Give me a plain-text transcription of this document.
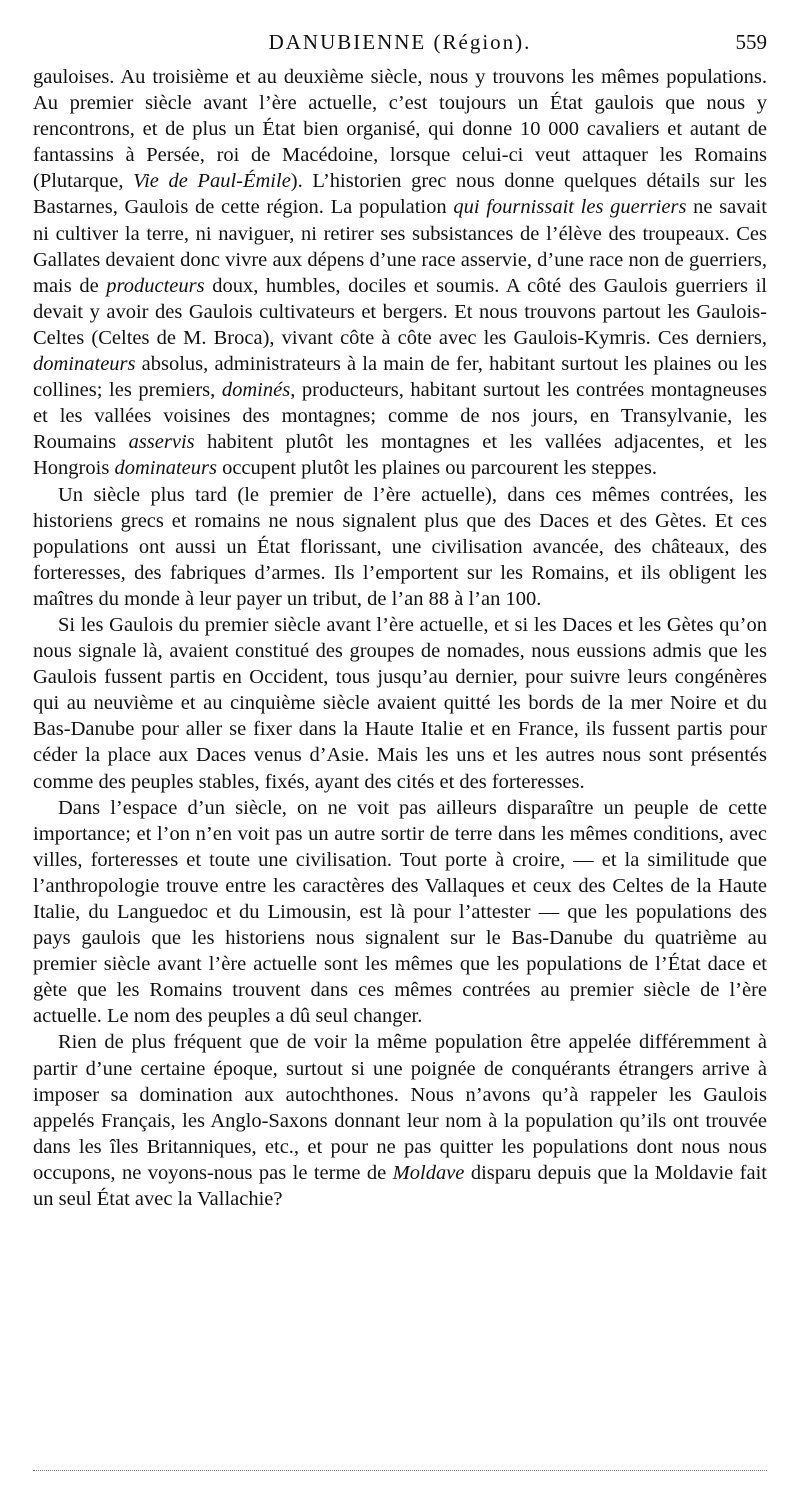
DANUBIENNE (Région).	559

gauloises. Au troisième et au deuxième siècle, nous y trouvons les mêmes populations. Au premier siècle avant l’ère actuelle, c’est toujours un État gaulois que nous y rencontrons, et de plus un État bien organisé, qui donne 10 000 cavaliers et autant de fantassins à Persée, roi de Macédoine, lorsque celui-ci veut attaquer les Romains (Plutarque, Vie de Paul-Émile). L’historien grec nous donne quelques détails sur les Bastarnes, Gaulois de cette région. La population qui fournissait les guerriers ne savait ni cultiver la terre, ni naviguer, ni retirer ses subsistances de l’élève des troupeaux. Ces Gallates devaient donc vivre aux dépens d’une race asservie, d’une race non de guerriers, mais de producteurs doux, humbles, dociles et soumis. A côté des Gaulois guerriers il devait y avoir des Gaulois cultivateurs et bergers. Et nous trouvons partout les Gaulois-Celtes (Celtes de M. Broca), vivant côte à côte avec les Gaulois-Kymris. Ces derniers, dominateurs absolus, administrateurs à la main de fer, habitant surtout les plaines ou les collines; les premiers, dominés, producteurs, habitant surtout les contrées montagneuses et les vallées voisines des montagnes; comme de nos jours, en Transylvanie, les Roumains asservis habitent plutôt les montagnes et les vallées adjacentes, et les Hongrois dominateurs occupent plutôt les plaines ou parcourent les steppes.

Un siècle plus tard (le premier de l’ère actuelle), dans ces mêmes contrées, les historiens grecs et romains ne nous signalent plus que des Daces et des Gètes. Et ces populations ont aussi un État florissant, une civilisation avancée, des châteaux, des forteresses, des fabriques d’armes. Ils l’emportent sur les Romains, et ils obligent les maîtres du monde à leur payer un tribut, de l’an 88 à l’an 100.

Si les Gaulois du premier siècle avant l’ère actuelle, et si les Daces et les Gètes qu’on nous signale là, avaient constitué des groupes de nomades, nous eussions admis que les Gaulois fussent partis en Occident, tous jusqu’au dernier, pour suivre leurs congénères qui au neuvième et au cinquième siècle avaient quitté les bords de la mer Noire et du Bas-Danube pour aller se fixer dans la Haute Italie et en France, ils fussent partis pour céder la place aux Daces venus d’Asie. Mais les uns et les autres nous sont présentés comme des peuples stables, fixés, ayant des cités et des forteresses.

Dans l’espace d’un siècle, on ne voit pas ailleurs disparaître un peuple de cette importance; et l’on n’en voit pas un autre sortir de terre dans les mêmes conditions, avec villes, forteresses et toute une civilisation. Tout porte à croire, — et la similitude que l’anthropologie trouve entre les caractères des Vallaques et ceux des Celtes de la Haute Italie, du Languedoc et du Limousin, est là pour l’attester — que les populations des pays gaulois que les historiens nous signalent sur le Bas-Danube du quatrième au premier siècle avant l’ère actuelle sont les mêmes que les populations de l’État dace et gète que les Romains trouvent dans ces mêmes contrées au premier siècle de l’ère actuelle. Le nom des peuples a dû seul changer.

Rien de plus fréquent que de voir la même population être appelée différemment à partir d’une certaine époque, surtout si une poignée de conquérants étrangers arrive à imposer sa domination aux autochthones. Nous n’avons qu’à rappeler les Gaulois appelés Français, les Anglo-Saxons donnant leur nom à la population qu’ils ont trouvée dans les îles Britanniques, etc., et pour ne pas quitter les populations dont nous nous occupons, ne voyons-nous pas le terme de Moldave disparu depuis que la Moldavie fait un seul État avec la Vallachie?
